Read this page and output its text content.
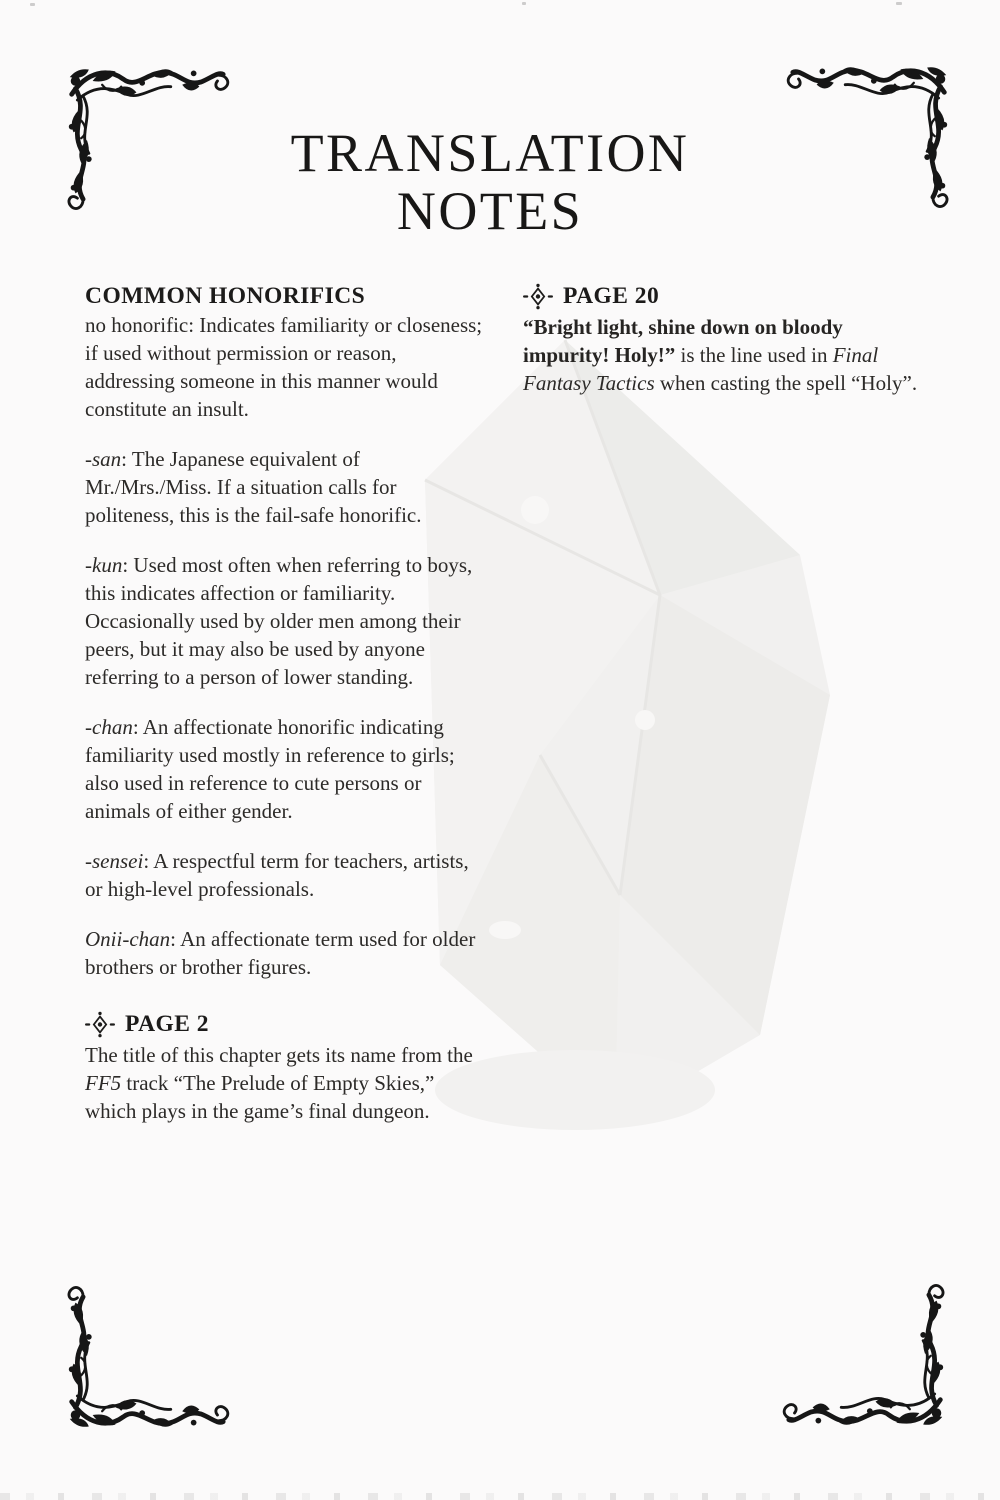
TRANSLATION
NOTES
COMMON HONORIFICS

no honorific: Indicates familiarity or closeness; if used without permission or reason, addressing someone in this manner would constitute an insult.

-san: The Japanese equivalent of Mr./Mrs./Miss. If a situation calls for politeness, this is the fail-safe honorific.

-kun: Used most often when referring to boys, this indicates affection or familiarity. Occasionally used by older men among their peers, but it may also be used by anyone referring to a person of lower standing.

-chan: An affectionate honorific indicating familiarity used mostly in reference to girls; also used in reference to cute persons or animals of either gender.

-sensei: A respectful term for teachers, artists, or high-level professionals.

Onii-chan: An affectionate term used for older brothers or brother figures.

PAGE 2

The title of this chapter gets its name from the FF5 track “The Prelude of Empty Skies,” which plays in the game’s final dungeon.

PAGE 20

“Bright light, shine down on bloody impurity! Holy!” is the line used in Final Fantasy Tactics when casting the spell “Holy”.
